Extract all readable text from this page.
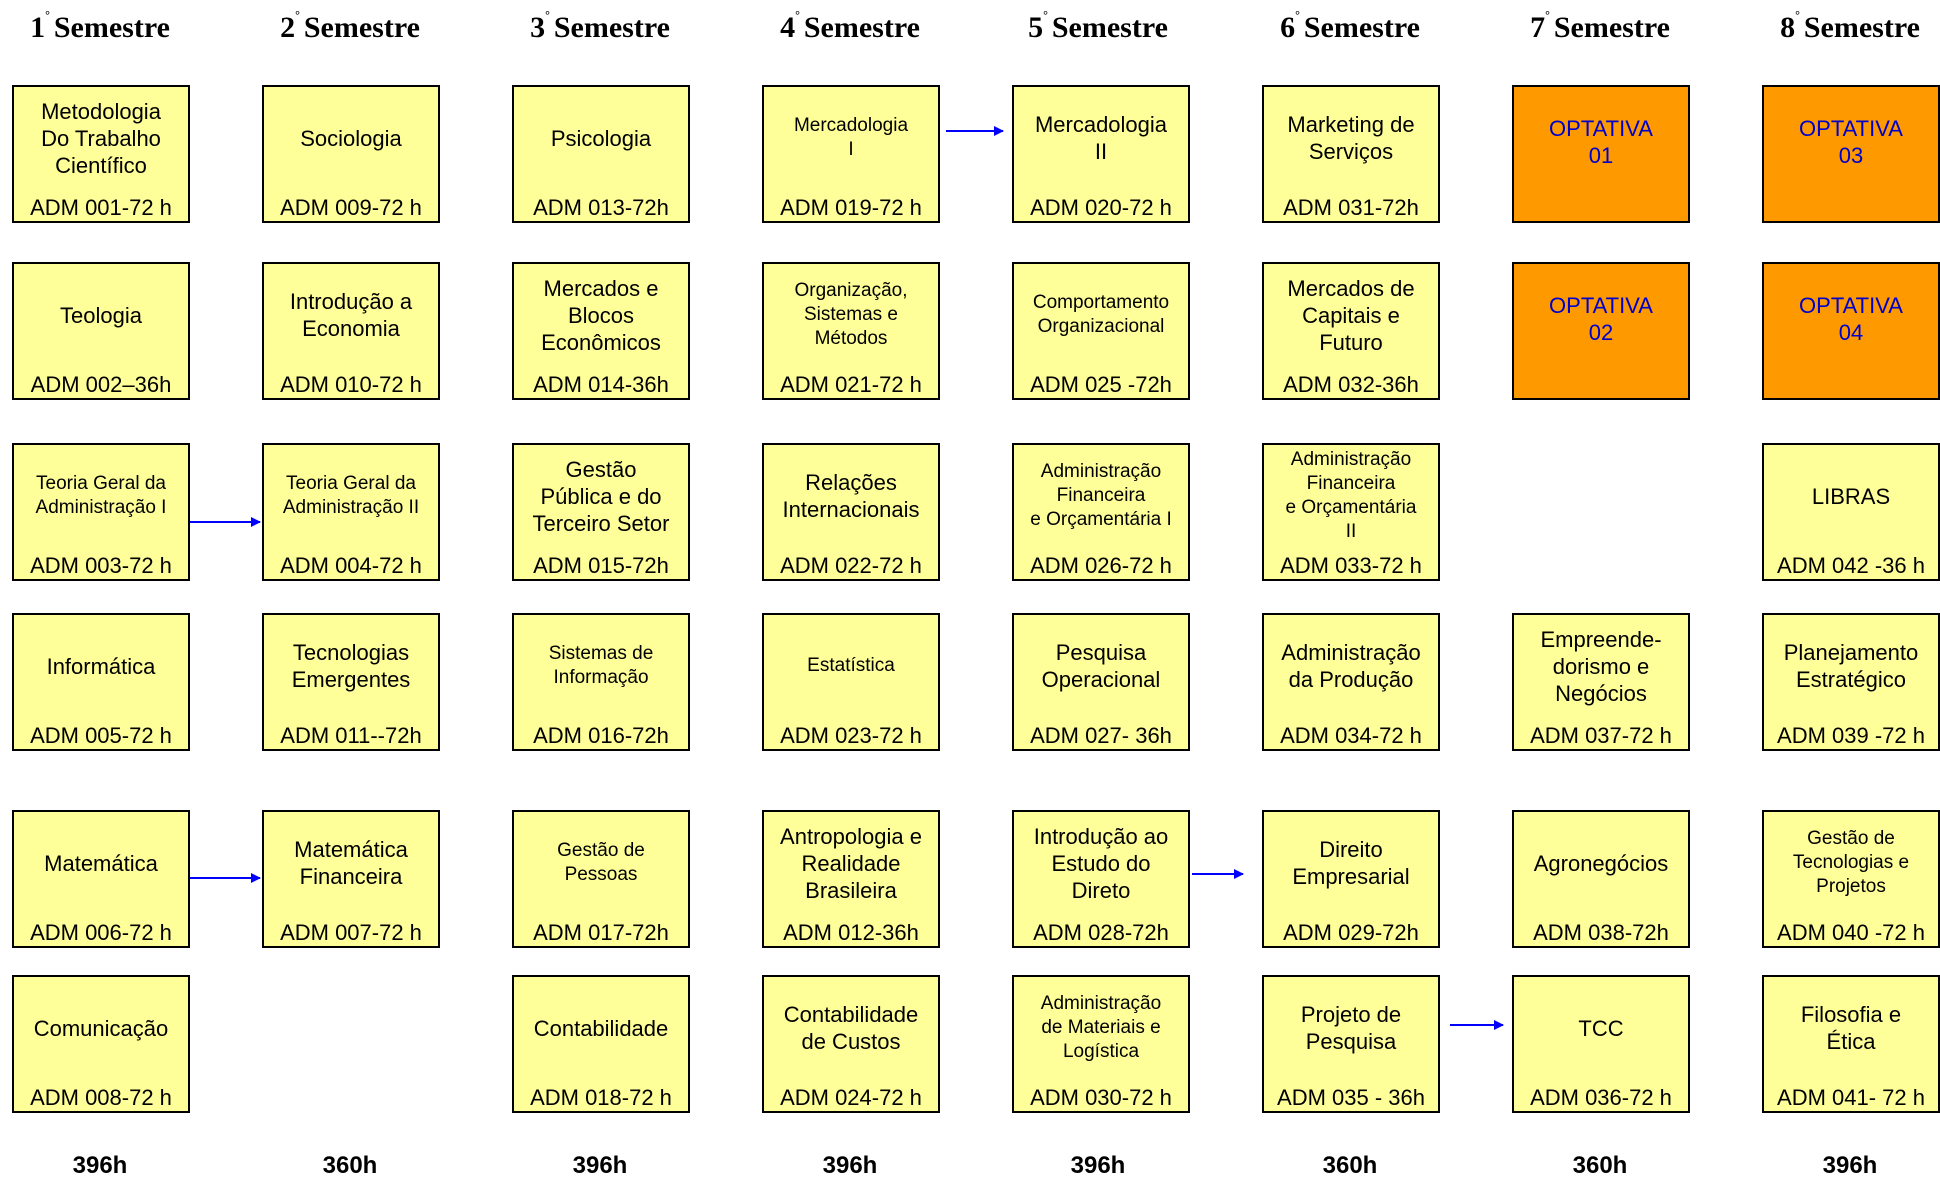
1° Semestre
Metodologia
Do Trabalho
Científico
ADM 001-72 h
Teologia
ADM 002–36h
Teoria Geral da
Administração I
ADM 003-72 h
Informática
ADM 005-72 h
Matemática
ADM 006-72 h
Comunicação
ADM 008-72 h
396h
2° Semestre
Sociologia
ADM 009-72 h
Introdução a
Economia
ADM 010-72 h
Teoria Geral da
Administração II
ADM 004-72 h
Tecnologias
Emergentes
ADM 011--72h
Matemática
Financeira
ADM 007-72 h
360h
3° Semestre
Psicologia
ADM 013-72h
Mercados e
Blocos
Econômicos
ADM 014-36h
Gestão
Pública e do
Terceiro Setor
ADM 015-72h
Sistemas de
Informação
ADM 016-72h
Gestão de
Pessoas
ADM 017-72h
Contabilidade
ADM 018-72 h
396h
4° Semestre
Mercadologia
I
ADM 019-72 h
Organização,
Sistemas e
Métodos
ADM 021-72 h
Relações
Internacionais
ADM 022-72 h
Estatística
ADM 023-72 h
Antropologia e
Realidade
Brasileira
ADM 012-36h
Contabilidade
de Custos
ADM 024-72 h
396h
5° Semestre
Mercadologia
II
ADM 020-72 h
Comportamento
Organizacional
ADM 025 -72h
Administração
Financeira
e Orçamentária I
ADM 026-72 h
Pesquisa
Operacional
ADM 027- 36h
Introdução ao
Estudo do
Direto
ADM 028-72h
Administração
de Materiais e
Logística
ADM 030-72 h
396h
6° Semestre
Marketing de
Serviços
ADM 031-72h
Mercados de
Capitais e
Futuro
ADM 032-36h
Administração
Financeira
e Orçamentária
II
ADM 033-72 h
Administração
da Produção
ADM 034-72 h
Direito
Empresarial
ADM 029-72h
Projeto de
Pesquisa
ADM 035 - 36h
360h
7° Semestre
OPTATIVA
01
OPTATIVA
02
Empreende-
dorismo e
Negócios
ADM 037-72 h
Agronegócios
ADM 038-72h
TCC
ADM 036-72 h
360h
8° Semestre
OPTATIVA
03
OPTATIVA
04
LIBRAS
ADM 042 -36 h
Planejamento
Estratégico
ADM 039 -72 h
Gestão de
Tecnologias e
Projetos
ADM 040 -72 h
Filosofia e
Ética
ADM 041- 72 h
396h
